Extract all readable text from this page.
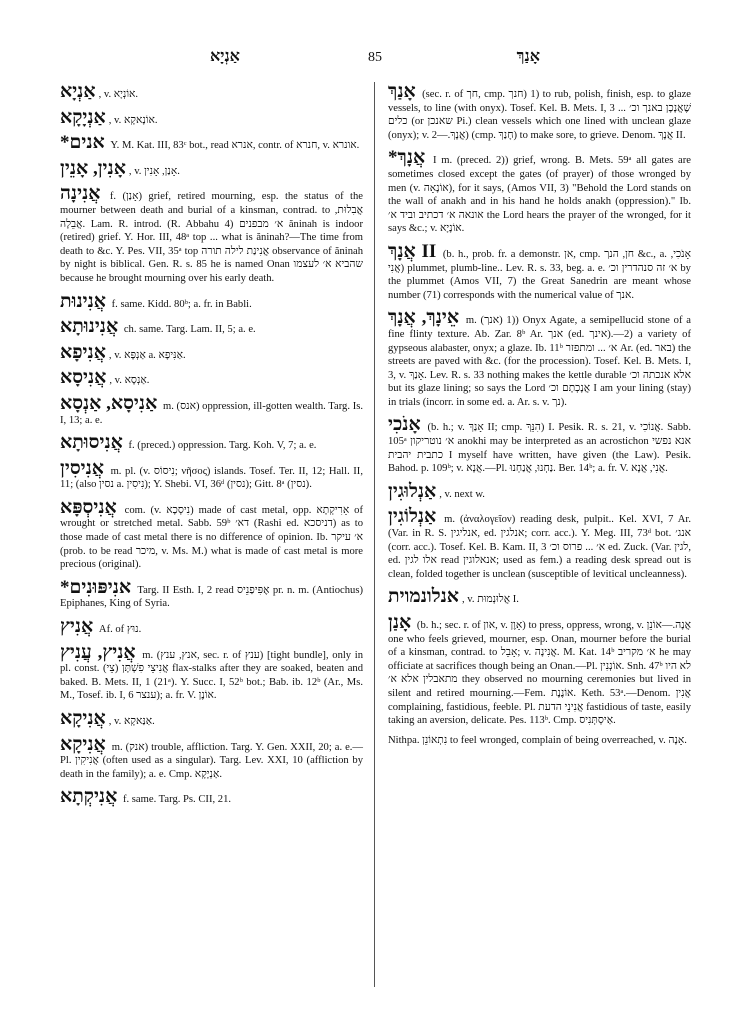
אַנְיָא	85	אָנַךְ

אַנְיָא , v. אוֹנְיָא.

אַנְיָקָא , v. אוֹנָאקָא.

*אנים Y. M. Kat. III, 83ᶜ bot., read אנרא, contr. of חנרא, v. אונרא.

אָנִין, אָנֵין , v. אָנַן, אָנִין.

אֲנִינָה f. (אָנַן) grief, retired mourning, esp. the status of the mourner between death and burial of a kinsman, contrad. to אֲבִלוּת, אֲבֵלָה. Lam. R. introd. (R. Abbahu 4) א׳ מבפנים ăninah is indoor (retired) grief. Y. Hor. III, 48ᵃ top ... what is ăninah?—The time from death to &c. Y. Pes. VII, 35ᵃ top אֲנִינַת לילה תורה observance of ăninah by night is biblical. Gen. R. s. 85 he is named Onan שהביא א׳ לעצמו because he brought mourning over his early death.

אֲנִינוּת f. same. Kidd. 80ᵇ; a. fr. in Babli.

אֲנִינוּתָא ch. same. Targ. Lam. II, 5; a. e.

אֲנִיפָא , v. אַנְפָּא a. אַנִּיפָא.

אֲנִיסָא , v. אַנְסָא.

אַנִיסָא, אַנְסָא m. (אנס) oppression, ill-gotten wealth. Targ. Is. I, 13; a. e.

אֲנִיסוּתָא f. (preced.) oppression. Targ. Koh. V, 7; a. e.

אֲנִיסִין m. pl. (v. נִיסוֹס; νῆσος) islands. Tosef. Ter. II, 12; Hall. II, 11; (also נסין a. נִיסִין); Y. Shebi. VI, 36ᵈ (נסין); Gitt. 8ᵃ (נסין).

אֲנִיסְפָּא com. (v. נִיסְכָא) made of cast metal, opp. אֵרִיקְתָא of wrought or stretched metal. Sabb. 59ᵇ דא׳ (Rashi ed. דניסכא) as to those made of cast metal there is no difference of opinion. Ib. א׳ עיקר (prob. to be read מיכר, v. Ms. M.) what is made of cast metal is more precious (original).

*אנִיפּוּנִים Targ. II Esth. I, 2 read אֶפִּיפַנֵיס pr. n. m. (Antiochus) Epiphanes, King of Syria.

אֲנִיץ Af. of נוּץ.

אֲנִיץ, עֲנִיץ m. (אנץ, ענץ, sec. r. of ענץ) [tight bundle], only in pl. const. אֲנִיצֵי פִשְׁתָּן (צֵי) flax-stalks after they are soaked, beaten and baked. B. Mets. II, 1 (21ᵃ). Y. Succ. I, 52ᵇ bot.; Bab. ib. 12ᵇ (Ar., Ms. M., Tosef. ib. I, 6 ענצר); a. fr. V. אוֹנֶן.

אֲנִיקָא , v. אַנַּאקָא.

אֲנִיקָא m. (אנק) trouble, affliction. Targ. Y. Gen. XXII, 20; a. e.—Pl. אֲנִיקִין (often used as a singular). Targ. Lev. XXI, 10 (affliction by death in the family); a. e. Cmp. אַנְיָקָא.

אֲנִיקְתָא f. same. Targ. Ps. CII, 21.

אָנַךְ (sec. r. of חך, cmp. חנך) 1) to rub, polish, finish, esp. to glaze vessels, to line (with onyx). Tosef. Kel. B. Mets. I, 3 שֶׁאֲנָכָן באנך וכ׳ ... כלים (or שאנכן Pi.) clean vessels which one lined with unclean glaze (onyx); v. אֲנָךְ.—2) (cmp. חָנַךְ) to make sore, to grieve. Denom. אֲנָךְ II.

*אֲנָךְ I m. (preced. 2)) grief, wrong. B. Mets. 59ᵃ all gates are sometimes closed except the gates (of prayer) of those wronged by men (v. אוֹנָאָה), for it says, (Amos VII, 3) "Behold the Lord stands on the wall of anakh and in his hand he holds anakh (oppression)." Ib. אונאה א׳ דכתיב וביד א׳ the Lord hears the prayer of the wronged, for it says &c.; v. אוֹנָיָא.

אֲנָךְ II (b. h., prob. fr. a demonstr. אן, cmp. חן, הנך &c., a. אָנֹכִי, אֲנִי) plummet, plumb-line.. Lev. R. s. 33, beg. a. e. א׳ זה סנהדרין וכ׳ by the plummet (Amos VII, 7) the Great Sanedrin are meant whose number (71) corresponds with the numerical value of אנך.

אֵינָךְ, אֲנָךְ m. (אנך) 1)) Onyx Agate, a semipellucid stone of a fine flinty texture. Ab. Zar. 8ᵇ Ar. אנך (ed. אינך).—2) a variety of gypseous alabaster, onyx; a glaze. Ib. 11ᵇ א׳ ... ומתפזר Ar. (ed. באר) the streets are paved with &c. (for the procession). Tosef. Kel. B. Mets. I, 3, v. אָנַךְ. Lev. R. s. 33 nothing makes the kettle durable אלא אנכתה וכ׳ but its glaze lining; so says the Lord אֲנָכְתָם וכ׳ I am your lining (stay) in trials (incorr. in some ed. a. Ar. s. v. נך).

אָנֹכִי (b. h.; v. אָנַךְ II; cmp. הִנֵּךְ) I. Pesik. R. s. 21, v. אֲנוֹכִי. Sabb. 105ᵃ א׳ נוטריקון anokhi may be interpreted as an acrostichon אנא נפשי כתבית יהבית I myself have written, have given (the Law). Pesik. Bahod. p. 109ᵇ; v. אֲנָא.—Pl. נַחְנוּ, אֲנַחְנוּ. Ber. 14ᵇ; a. fr. V. אֲנִי, אֲנָא.

אַנְלוּגִין , v. next w.

אַנְלוֹגִין m. (ἀναλογεῖον) reading desk, pulpit.. Kel. XVI, 7 Ar. (Var. in R. S. אנליגין, ed. אנלגין; corr. acc.). Y. Meg. III, 73ᵈ bot. אנג׳ (corr. acc.). Tosef. Kel. B. Kam. II, 3 א׳ ... פרוס וכ׳ ed. Zuck. (Var. לגין, ed. אלו לגין read אנאלוגין; used as fem.) a reading desk spread out is clean, folded together is unclean (susceptible of levitical uncleanness).

אנלונמוית , v. אֲלוּנְמוּת I.

אָנַן (b. h.; sec. r. of און, v. אָוֶן) to press, oppress, wrong, v. אֲנָה.—אוֹנֵן one who feels grieved, mourner, esp. Onan, mourner before the burial of a kinsman, contrad. to אָבֵל; v. אֲנִינָה. M. Kat. 14ᵇ א׳ מקריב he may officiate at sacrifices though being an Onan.—Pl. אוֹנְנִין. Snh. 47ᵇ לא היו מתאבלין אלא א׳ they observed no mourning ceremonies but lived in silent and retired mourning.—Fem. אוֹנֶנֶת. Keth. 53ᵃ.—Denom. אֲנִין complaining, fastidious, feeble. Pl. אֲנִינֵי הדעת fastidious of taste, easily taking an aversion, delicate. Pes. 113ᵇ. Cmp. אַיסְתְּנִיס.

Nithpa. נִתְאוֹנֵן to feel wronged, complain of being overreached, v. אָנָה.
